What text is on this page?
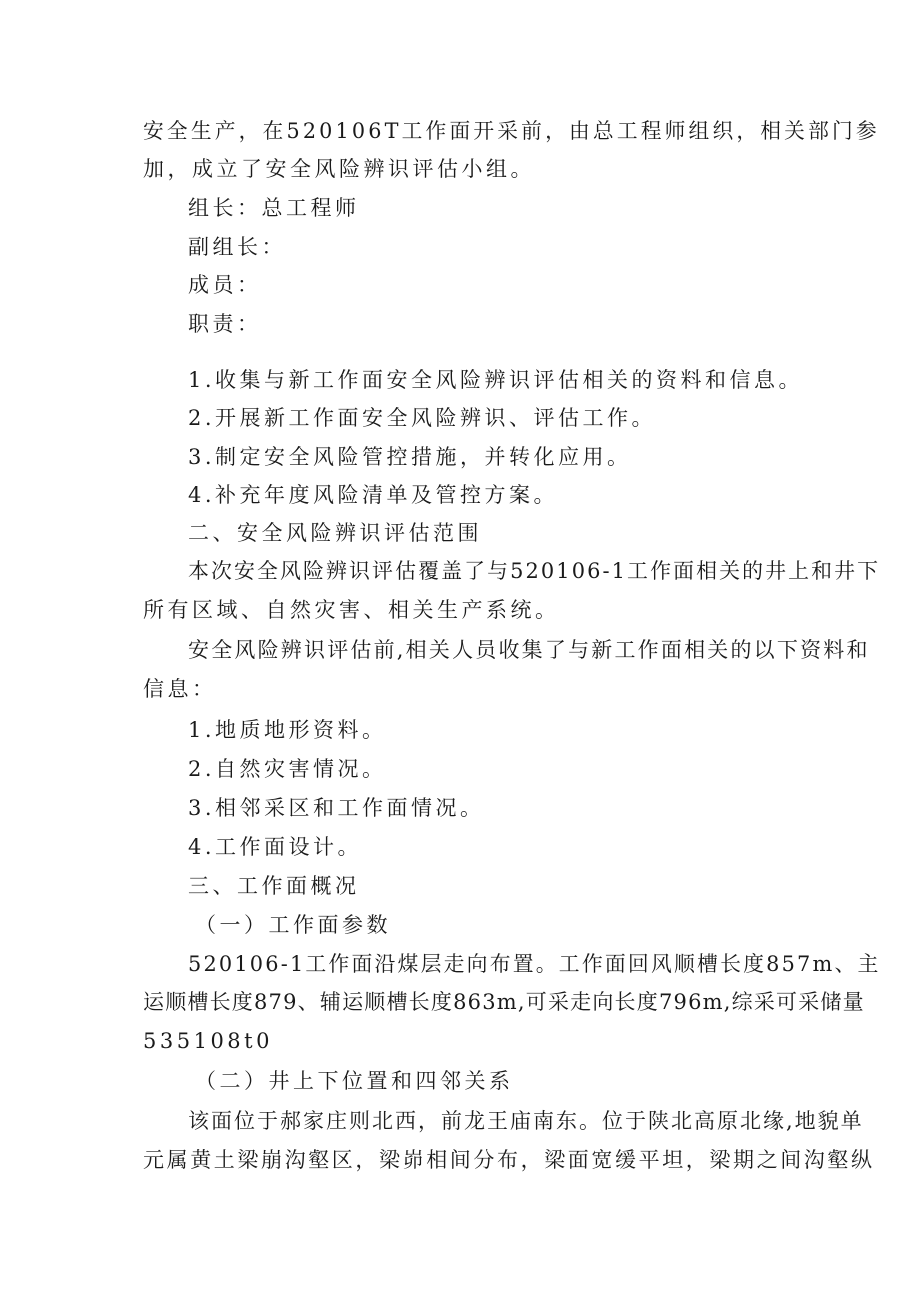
安全生产，在520106T工作面开采前，由总工程师组织，相关部门参
加，成立了安全风险辨识评估小组。
组长：总工程师
副组长：
成员：
职责：
1.收集与新工作面安全风险辨识评估相关的资料和信息。
2.开展新工作面安全风险辨识、评估工作。
3.制定安全风险管控措施，并转化应用。
4.补充年度风险清单及管控方案。
二、安全风险辨识评估范围
本次安全风险辨识评估覆盖了与520106-1工作面相关的井上和井下
所有区域、自然灾害、相关生产系统。
安全风险辨识评估前,相关人员收集了与新工作面相关的以下资料和
信息：
1.地质地形资料。
2.自然灾害情况。
3.相邻采区和工作面情况。
4.工作面设计。
三、工作面概况
（一）工作面参数
520106-1工作面沿煤层走向布置。工作面回风顺槽长度857m、主
运顺槽长度879、辅运顺槽长度863m,可采走向长度796m,综采可采储量
535108t0
（二）井上下位置和四邻关系
该面位于郝家庄则北西，前龙王庙南东。位于陕北高原北缘,地貌单
元属黄土梁崩沟壑区，梁峁相间分布，梁面宽缓平坦，梁期之间沟壑纵
